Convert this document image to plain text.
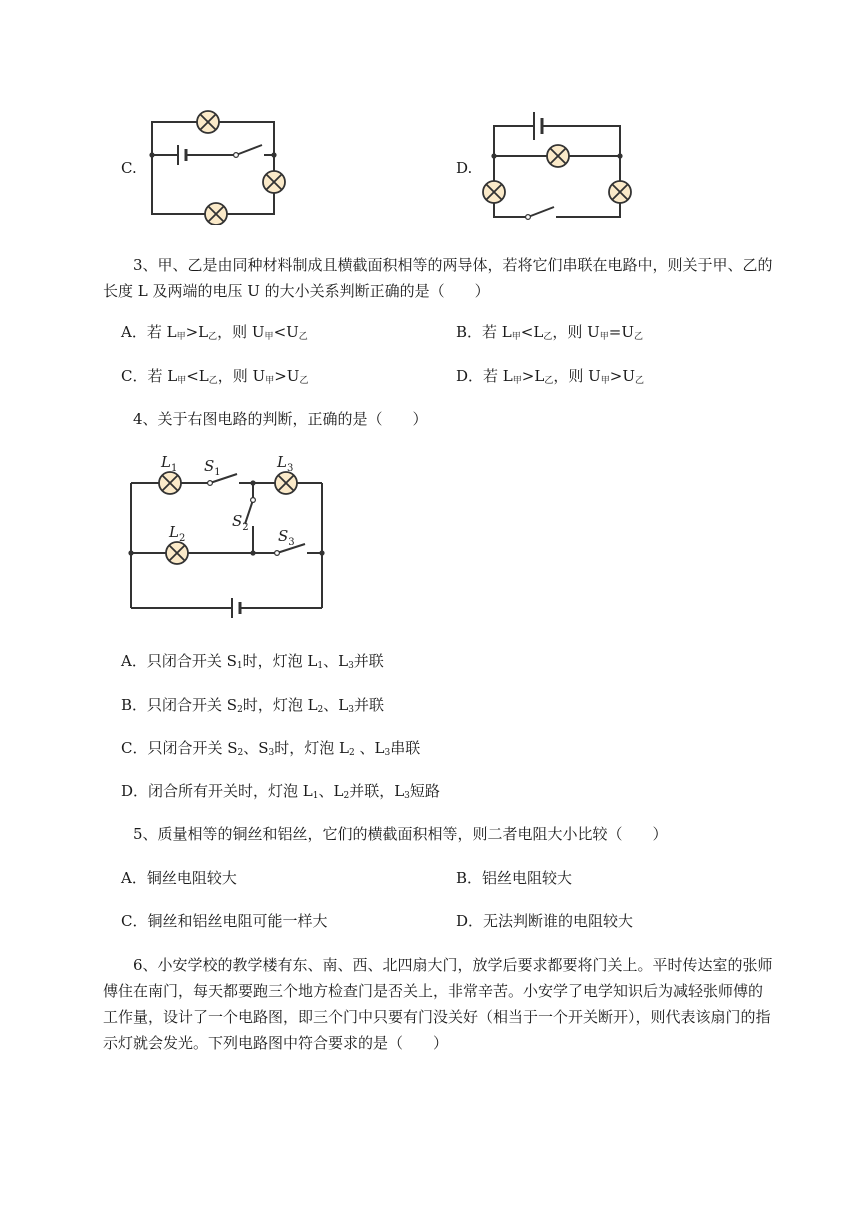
C.	D.
3、甲、乙是由同种材料制成且横截面积相等的两导体，若将它们串联在电路中，则关于甲、乙的
长度 L 及两端的电压 U 的大小关系判断正确的是（　　）
A．若 $L_甲>L_乙$，则 $U_甲<U_乙$	B．若 $L_甲<L_乙$，则 $U_甲=U_乙$
C．若 $L_甲<L_乙$，则 $U_甲>U_乙$	D．若 $L_甲>L_乙$，则 $U_甲>U_乙$
4、关于右图电路的判断，正确的是（　　）
$L_1$ $S_1$
$L_3$
$S_2$
$L_2$	$S_3$
A．只闭合开关 $S_1$时，灯泡 $L_1$、$L_3$并联
B．只闭合开关 $S_2$时，灯泡 $L_2$、$L_3$并联
C．只闭合开关 $S_2$、$S_3$时，灯泡 $L_2$ 、$L_3$串联
D．闭合所有开关时，灯泡 $L_1$、$L_2$并联，$L_3$短路
5、质量相等的铜丝和铝丝，它们的横截面积相等，则二者电阻大小比较（　　）
A．铜丝电阻较大	B．铝丝电阻较大
C．铜丝和铝丝电阻可能一样大	D．无法判断谁的电阻较大
6、小安学校的教学楼有东、南、西、北四扇大门，放学后要求都要将门关上。平时传达室的张师
傅住在南门，每天都要跑三个地方检查门是否关上，非常辛苦。小安学了电学知识后为减轻张师傅的
工作量，设计了一个电路图，即三个门中只要有门没关好（相当于一个开关断开），则代表该扇门的指
示灯就会发光。下列电路图中符合要求的是（　　）
